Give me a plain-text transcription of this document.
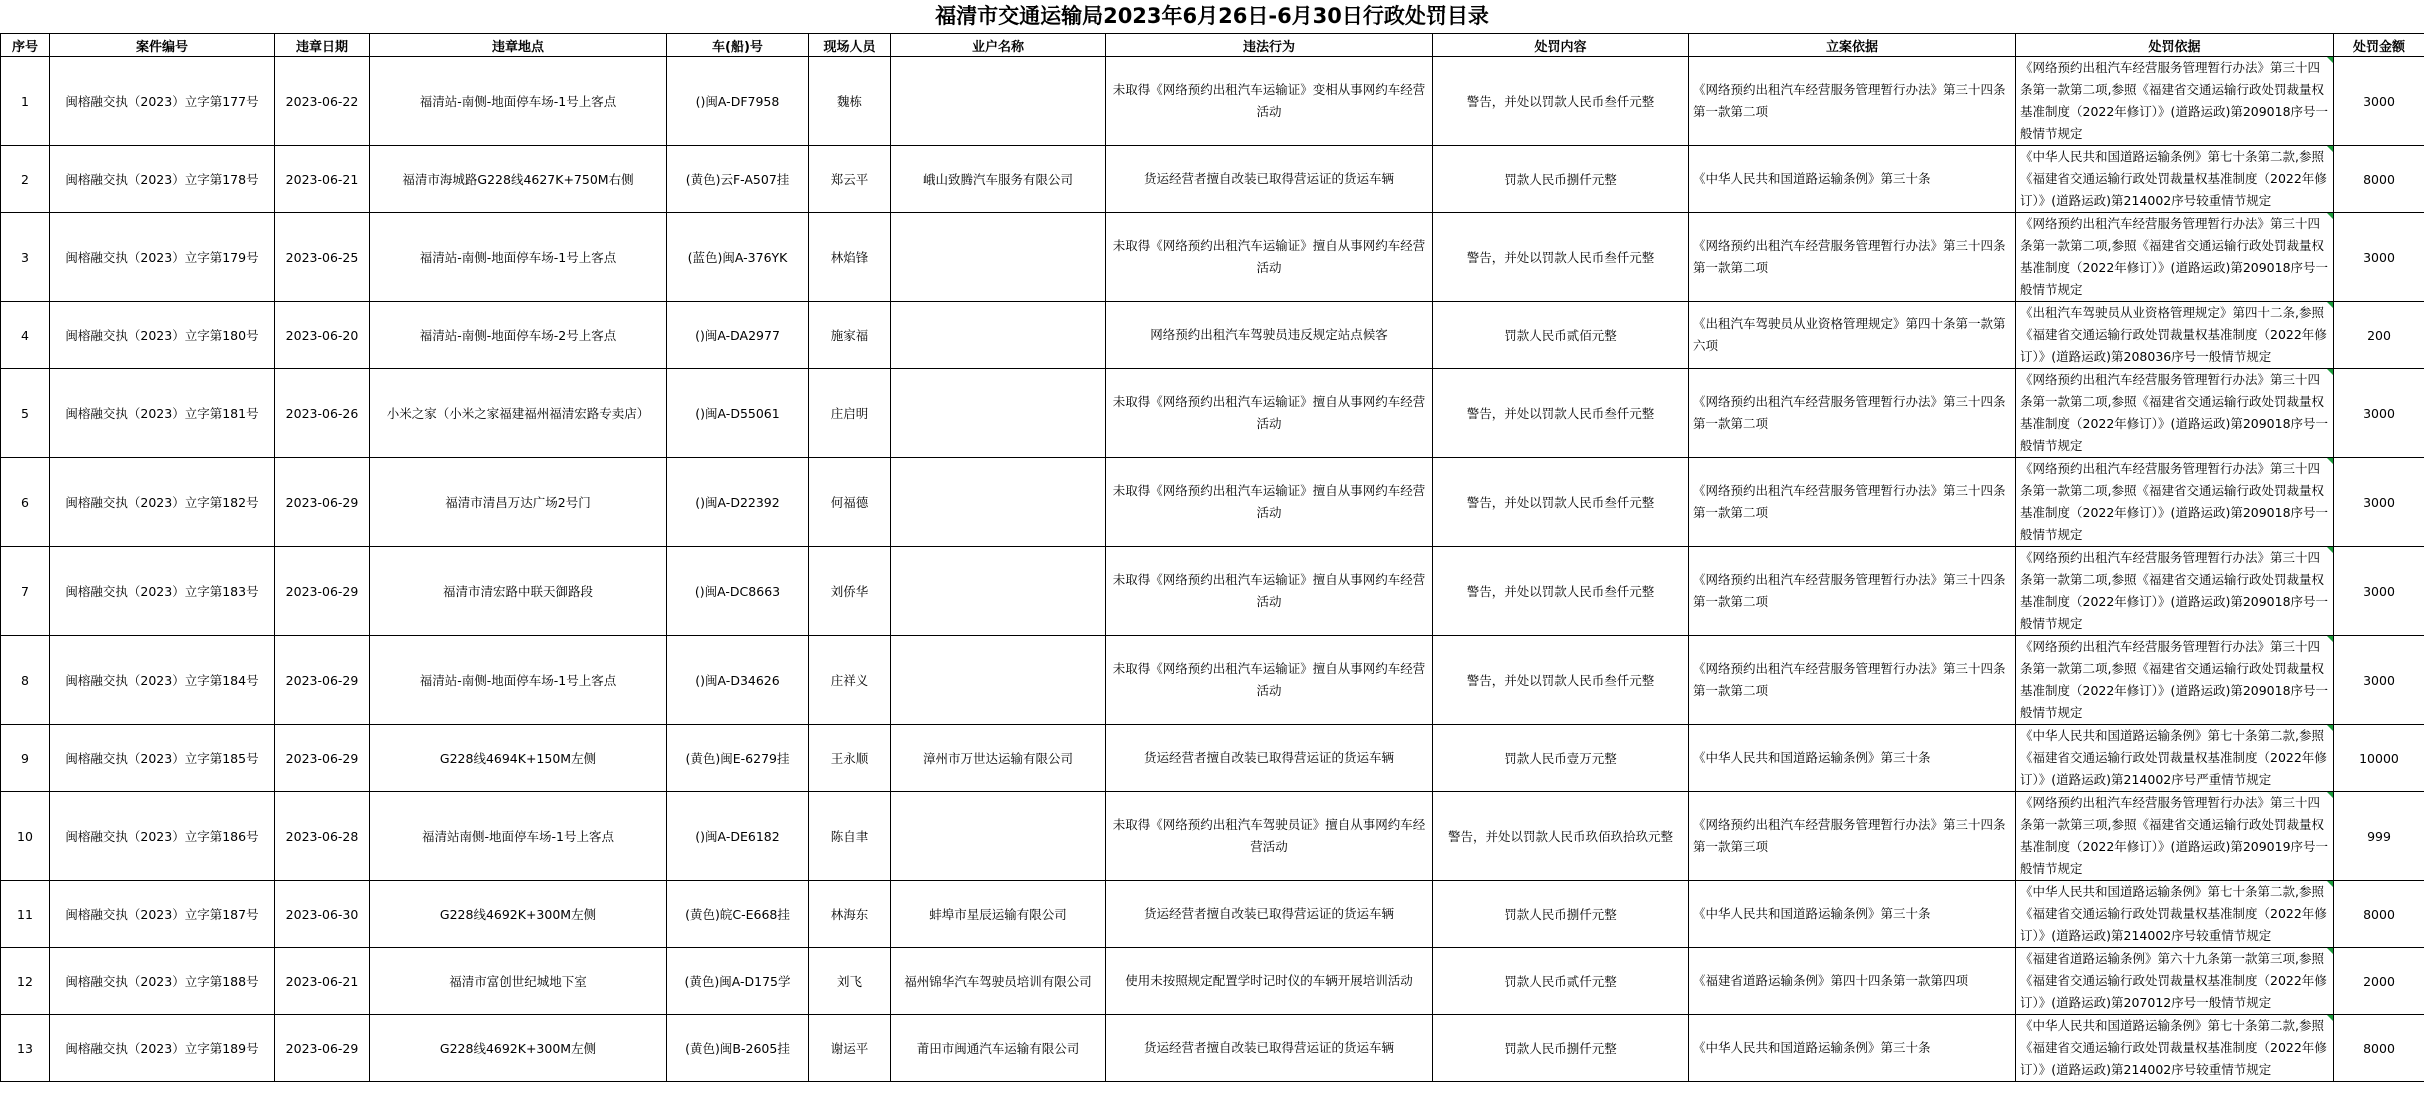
福清市交通运输局2023年6月26日-6月30日行政处罚目录
序号	案件编号	违章日期	违章地点	车(船)号	现场人员	业户名称	违法行为	处罚内容	立案依据	处罚依据	处罚金额
1	闽榕融交执（2023）立字第177号	2023-06-22	福清站-南侧-地面停车场-1号上客点	()闽A-DF7958	魏栋		未取得《网络预约出租汽车运输证》变相从事网约车经营活动	警告，并处以罚款人民币叁仟元整	《网络预约出租汽车经营服务管理暂行办法》第三十四条第一款第二项	《网络预约出租汽车经营服务管理暂行办法》第三十四条第一款第二项,参照《福建省交通运输行政处罚裁量权基准制度（2022年修订）》(道路运政)第209018序号一般情节规定	3000
2	闽榕融交执（2023）立字第178号	2023-06-21	福清市海城路G228线4627K+750M右侧	(黄色)云F-A507挂	郑云平	峨山致腾汽车服务有限公司	货运经营者擅自改装已取得营运证的货运车辆	罚款人民币捌仟元整	《中华人民共和国道路运输条例》第三十条	《中华人民共和国道路运输条例》第七十条第二款,参照《福建省交通运输行政处罚裁量权基准制度（2022年修订）》(道路运政)第214002序号较重情节规定	8000
3	闽榕融交执（2023）立字第179号	2023-06-25	福清站-南侧-地面停车场-1号上客点	(蓝色)闽A-376YK	林焰锋		未取得《网络预约出租汽车运输证》擅自从事网约车经营活动	警告，并处以罚款人民币叁仟元整	《网络预约出租汽车经营服务管理暂行办法》第三十四条第一款第二项	《网络预约出租汽车经营服务管理暂行办法》第三十四条第一款第二项,参照《福建省交通运输行政处罚裁量权基准制度（2022年修订）》(道路运政)第209018序号一般情节规定	3000
4	闽榕融交执（2023）立字第180号	2023-06-20	福清站-南侧-地面停车场-2号上客点	()闽A-DA2977	施家福		网络预约出租汽车驾驶员违反规定站点候客	罚款人民币贰佰元整	《出租汽车驾驶员从业资格管理规定》第四十条第一款第六项	《出租汽车驾驶员从业资格管理规定》第四十二条,参照《福建省交通运输行政处罚裁量权基准制度（2022年修订）》(道路运政)第208036序号一般情节规定	200
5	闽榕融交执（2023）立字第181号	2023-06-26	小米之家（小米之家福建福州福清宏路专卖店）	()闽A-D55061	庄启明		未取得《网络预约出租汽车运输证》擅自从事网约车经营活动	警告，并处以罚款人民币叁仟元整	《网络预约出租汽车经营服务管理暂行办法》第三十四条第一款第二项	《网络预约出租汽车经营服务管理暂行办法》第三十四条第一款第二项,参照《福建省交通运输行政处罚裁量权基准制度（2022年修订）》(道路运政)第209018序号一般情节规定	3000
6	闽榕融交执（2023）立字第182号	2023-06-29	福清市清昌万达广场2号门	()闽A-D22392	何福德		未取得《网络预约出租汽车运输证》擅自从事网约车经营活动	警告，并处以罚款人民币叁仟元整	《网络预约出租汽车经营服务管理暂行办法》第三十四条第一款第二项	《网络预约出租汽车经营服务管理暂行办法》第三十四条第一款第二项,参照《福建省交通运输行政处罚裁量权基准制度（2022年修订）》(道路运政)第209018序号一般情节规定	3000
7	闽榕融交执（2023）立字第183号	2023-06-29	福清市清宏路中联天御路段	()闽A-DC8663	刘侨华		未取得《网络预约出租汽车运输证》擅自从事网约车经营活动	警告，并处以罚款人民币叁仟元整	《网络预约出租汽车经营服务管理暂行办法》第三十四条第一款第二项	《网络预约出租汽车经营服务管理暂行办法》第三十四条第一款第二项,参照《福建省交通运输行政处罚裁量权基准制度（2022年修订）》(道路运政)第209018序号一般情节规定	3000
8	闽榕融交执（2023）立字第184号	2023-06-29	福清站-南侧-地面停车场-1号上客点	()闽A-D34626	庄祥义		未取得《网络预约出租汽车运输证》擅自从事网约车经营活动	警告，并处以罚款人民币叁仟元整	《网络预约出租汽车经营服务管理暂行办法》第三十四条第一款第二项	《网络预约出租汽车经营服务管理暂行办法》第三十四条第一款第二项,参照《福建省交通运输行政处罚裁量权基准制度（2022年修订）》(道路运政)第209018序号一般情节规定	3000
9	闽榕融交执（2023）立字第185号	2023-06-29	G228线4694K+150M左侧	(黄色)闽E-6279挂	王永顺	漳州市万世达运输有限公司	货运经营者擅自改装已取得营运证的货运车辆	罚款人民币壹万元整	《中华人民共和国道路运输条例》第三十条	《中华人民共和国道路运输条例》第七十条第二款,参照《福建省交通运输行政处罚裁量权基准制度（2022年修订）》(道路运政)第214002序号严重情节规定	10000
10	闽榕融交执（2023）立字第186号	2023-06-28	福清站南侧-地面停车场-1号上客点	()闽A-DE6182	陈自聿		未取得《网络预约出租汽车驾驶员证》擅自从事网约车经营活动	警告，并处以罚款人民币玖佰玖拾玖元整	《网络预约出租汽车经营服务管理暂行办法》第三十四条第一款第三项	《网络预约出租汽车经营服务管理暂行办法》第三十四条第一款第三项,参照《福建省交通运输行政处罚裁量权基准制度（2022年修订）》(道路运政)第209019序号一般情节规定	999
11	闽榕融交执（2023）立字第187号	2023-06-30	G228线4692K+300M左侧	(黄色)皖C-E668挂	林海东	蚌埠市星辰运输有限公司	货运经营者擅自改装已取得营运证的货运车辆	罚款人民币捌仟元整	《中华人民共和国道路运输条例》第三十条	《中华人民共和国道路运输条例》第七十条第二款,参照《福建省交通运输行政处罚裁量权基准制度（2022年修订）》(道路运政)第214002序号较重情节规定	8000
12	闽榕融交执（2023）立字第188号	2023-06-21	福清市富创世纪城地下室	(黄色)闽A-D175学	刘飞	福州锦华汽车驾驶员培训有限公司	使用未按照规定配置学时记时仪的车辆开展培训活动	罚款人民币贰仟元整	《福建省道路运输条例》第四十四条第一款第四项	《福建省道路运输条例》第六十九条第一款第三项,参照《福建省交通运输行政处罚裁量权基准制度（2022年修订）》(道路运政)第207012序号一般情节规定	2000
13	闽榕融交执（2023）立字第189号	2023-06-29	G228线4692K+300M左侧	(黄色)闽B-2605挂	谢运平	莆田市闽通汽车运输有限公司	货运经营者擅自改装已取得营运证的货运车辆	罚款人民币捌仟元整	《中华人民共和国道路运输条例》第三十条	《中华人民共和国道路运输条例》第七十条第二款,参照《福建省交通运输行政处罚裁量权基准制度（2022年修订）》(道路运政)第214002序号较重情节规定	8000
